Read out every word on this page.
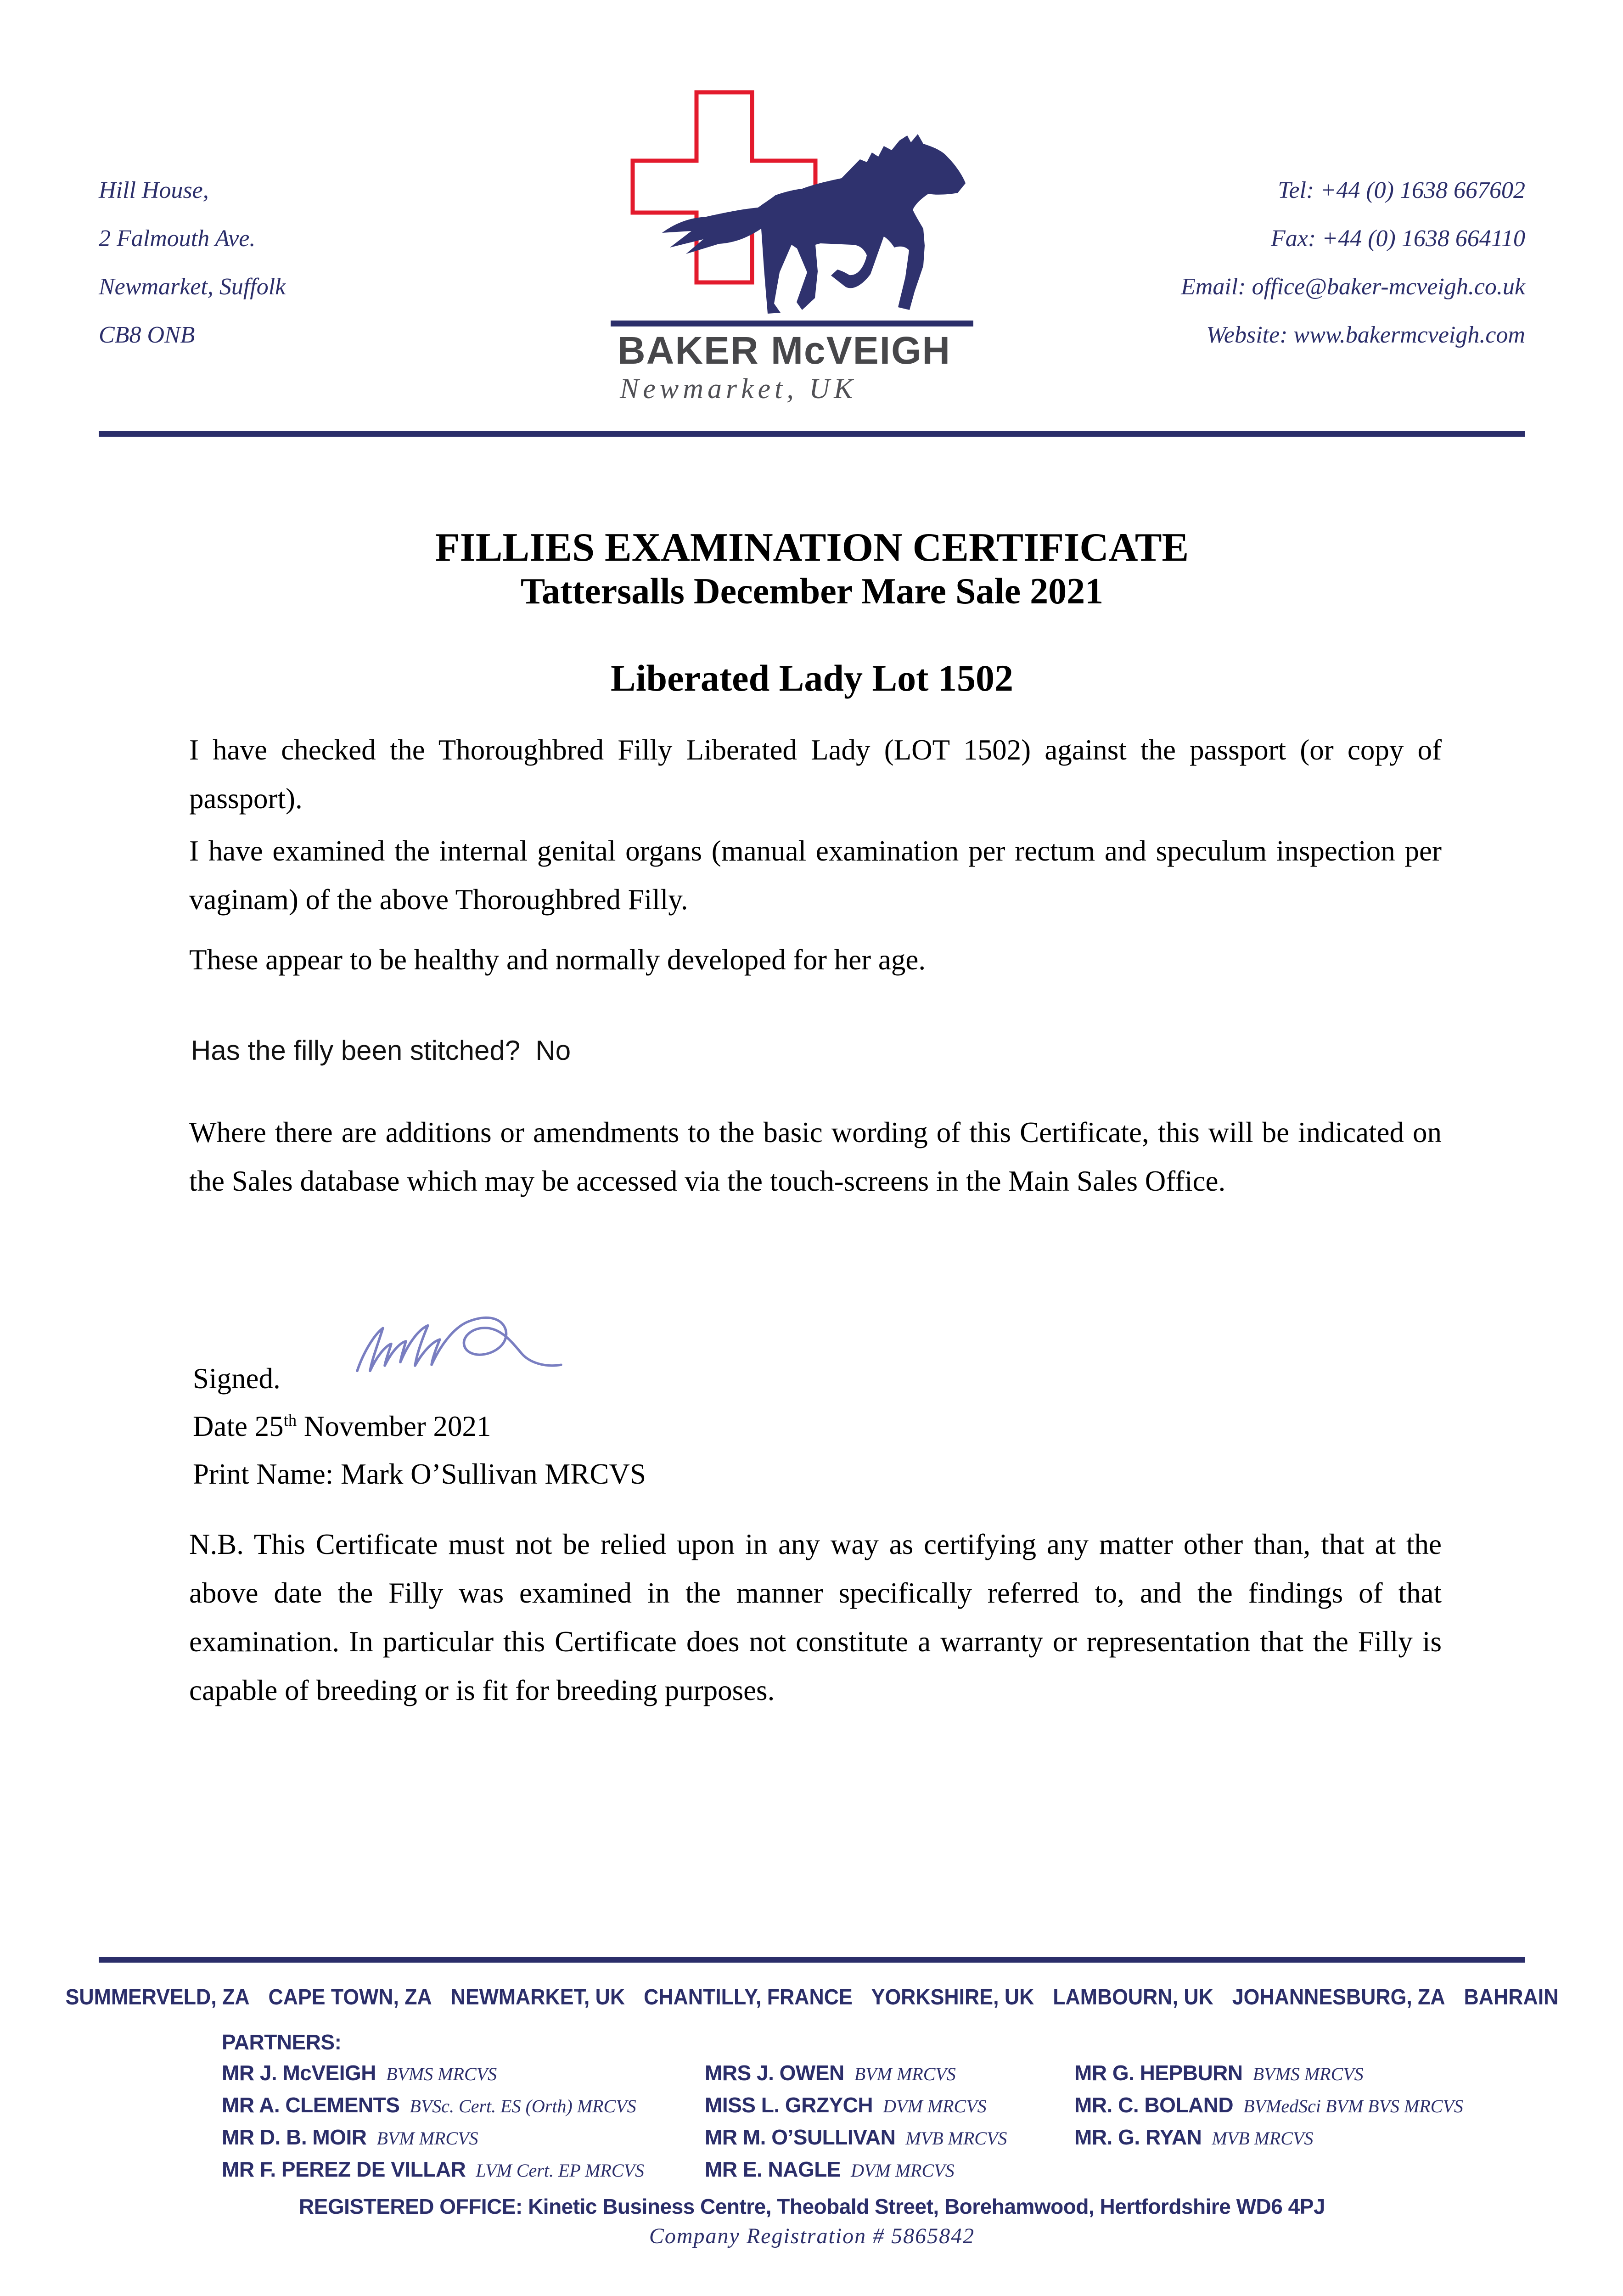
Hill House,
2 Falmouth Ave.
Newmarket, Suffolk
CB8 ONB
Tel: +44 (0) 1638 667602
Fax: +44 (0) 1638 664110
Email: office@baker-mcveigh.co.uk
Website: www.bakermcveigh.com
BAKER McVEIGH
Newmarket, UK
FILLIES EXAMINATION CERTIFICATE
Tattersalls December Mare Sale 2021
Liberated Lady Lot 1502
I have checked the Thoroughbred Filly Liberated Lady (LOT 1502) against the passport (or copy of passport).
I have examined the internal genital organs (manual examination per rectum and speculum inspection per vaginam) of the above Thoroughbred Filly.
These appear to be healthy and normally developed for her age.
Has the filly been stitched?  No
Where there are additions or amendments to the basic wording of this Certificate, this will be indicated on the Sales database which may be accessed via the touch-screens in the Main Sales Office.
Signed.
Date 25th November 2021
Print Name: Mark O’Sullivan MRCVS
N.B. This Certificate must not be relied upon in any way as certifying any matter other than, that at the above date the Filly was examined in the manner specifically referred to, and the findings of that examination. In particular this Certificate does not constitute a warranty or representation that the Filly is capable of breeding or is fit for breeding purposes.
SUMMERVELD, ZA CAPE TOWN, ZA NEWMARKET, UK CHANTILLY, FRANCE YORKSHIRE, UK LAMBOURN, UK JOHANNESBURG, ZA BAHRAIN
PARTNERS:
MR J. McVEIGH BVMS MRCVS
MR A. CLEMENTS BVSc. Cert. ES (Orth) MRCVS
MR D. B. MOIR BVM MRCVS
MR F. PEREZ DE VILLAR LVM Cert. EP MRCVS
MRS J. OWEN BVM MRCVS
MISS L. GRZYCH DVM MRCVS
MR M. O’SULLIVAN MVB MRCVS
MR E. NAGLE DVM MRCVS
MR G. HEPBURN BVMS MRCVS
MR. C. BOLAND BVMedSci BVM BVS MRCVS
MR. G. RYAN MVB MRCVS
REGISTERED OFFICE: Kinetic Business Centre, Theobald Street, Borehamwood, Hertfordshire WD6 4PJ
Company Registration # 5865842
